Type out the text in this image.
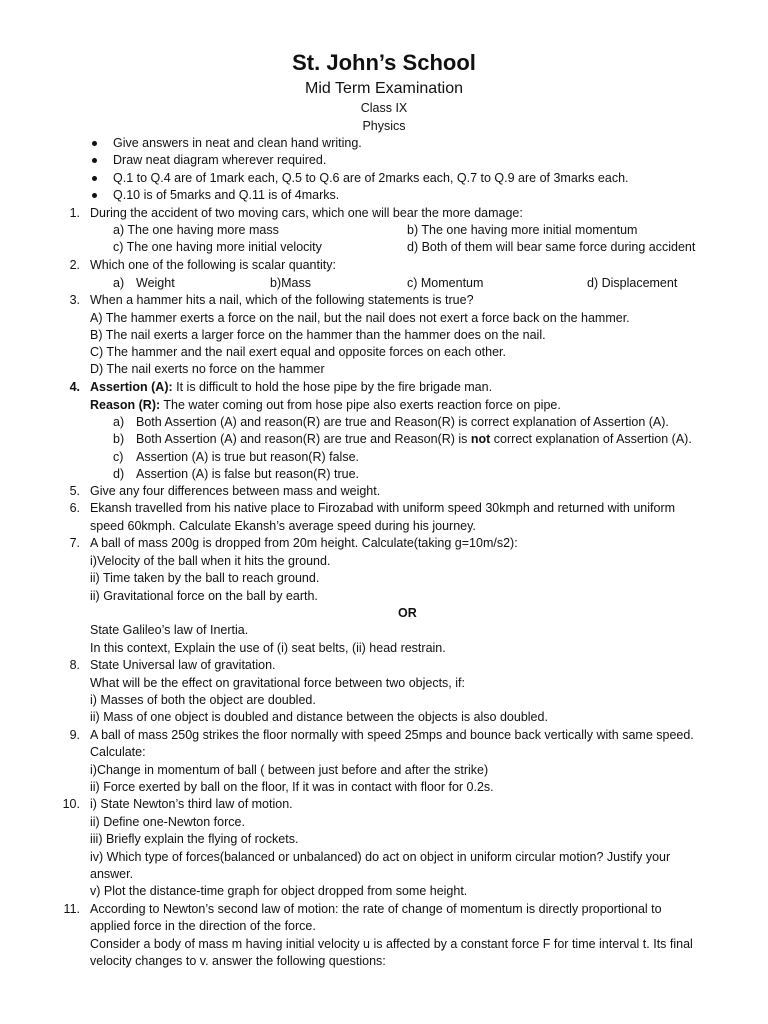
St. John’s School
Mid Term Examination
Class IX
Physics
Give answers in neat and clean hand writing.
Draw neat diagram wherever required.
Q.1 to Q.4 are of 1mark each, Q.5 to Q.6 are of 2marks each, Q.7 to Q.9 are of 3marks each.
Q.10 is of 5marks and Q.11 is of 4marks.
1. During the accident of two moving cars, which one will bear the more damage:
a) The one having more mass	b) The one having more initial momentum
c) The one having more initial velocity	d) Both of them will bear same force during accident
2. Which one of the following is scalar quantity:
a) Weight	b)Mass	c) Momentum	d) Displacement
3. When a hammer hits a nail, which of the following statements is true?
A) The hammer exerts a force on the nail, but the nail does not exert a force back on the hammer.
B) The nail exerts a larger force on the hammer than the hammer does on the nail.
C) The hammer and the nail exert equal and opposite forces on each other.
D) The nail exerts no force on the hammer
4. Assertion (A): It is difficult to hold the hose pipe by the fire brigade man.
Reason (R): The water coming out from hose pipe also exerts reaction force on pipe.
a) Both Assertion (A) and reason(R) are true and Reason(R) is correct explanation of Assertion (A).
b) Both Assertion (A) and reason(R) are true and Reason(R) is not correct explanation of Assertion (A).
c) Assertion (A) is true but reason(R) false.
d) Assertion (A) is false but reason(R) true.
5. Give any four differences between mass and weight.
6. Ekansh travelled from his native place to Firozabad with uniform speed 30kmph and returned with uniform
speed 60kmph. Calculate Ekansh’s average speed during his journey.
7. A ball of mass 200g is dropped from 20m height. Calculate(taking g=10m/s2):
i)Velocity of the ball when it hits the ground.
ii) Time taken by the ball to reach ground.
ii) Gravitational force on the ball by earth.
OR
State Galileo’s law of Inertia.
In this context, Explain the use of (i) seat belts, (ii) head restrain.
8. State Universal law of gravitation.
What will be the effect on gravitational force between two objects, if:
i) Masses of both the object are doubled.
ii) Mass of one object is doubled and distance between the objects is also doubled.
9. A ball of mass 250g strikes the floor normally with speed 25mps and bounce back vertically with same speed.
Calculate:
i)Change in momentum of ball ( between just before and after the strike)
ii) Force exerted by ball on the floor, If it was in contact with floor for 0.2s.
10. i) State Newton’s third law of motion.
ii) Define one-Newton force.
iii) Briefly explain the flying of rockets.
iv) Which type of forces(balanced or unbalanced) do act on object in uniform circular motion? Justify your
answer.
v) Plot the distance-time graph for object dropped from some height.
11. According to Newton’s second law of motion: the rate of change of momentum is directly proportional to
applied force in the direction of the force.
Consider a body of mass m having initial velocity u is affected by a constant force F for time interval t. Its final
velocity changes to v. answer the following questions:
